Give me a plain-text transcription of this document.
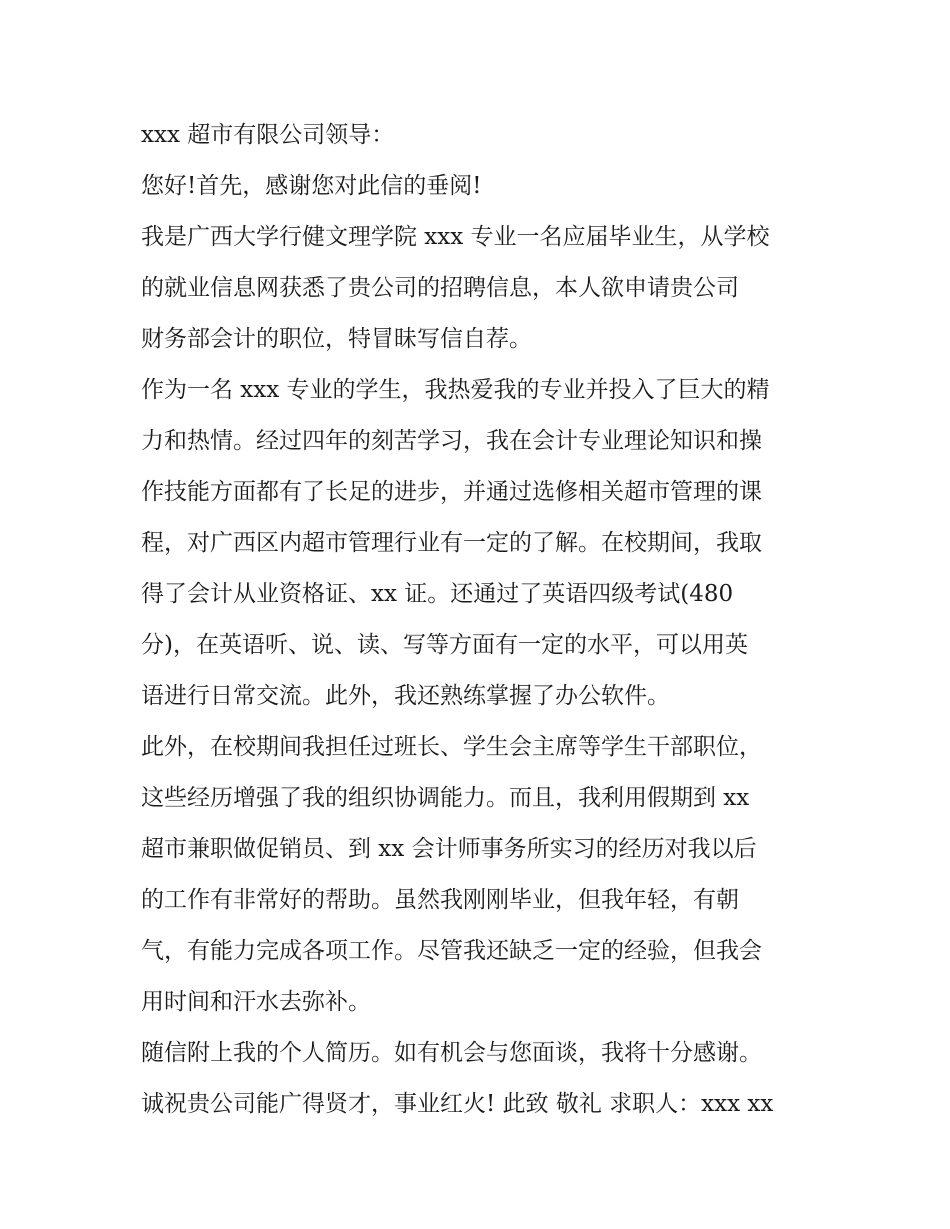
xxx 超市有限公司领导：
您好!首先，感谢您对此信的垂阅!
我是广西大学行健文理学院 xxx 专业一名应届毕业生，从学校
的就业信息网获悉了贵公司的招聘信息，本人欲申请贵公司
财务部会计的职位，特冒昧写信自荐。
作为一名 xxx 专业的学生，我热爱我的专业并投入了巨大的精
力和热情。经过四年的刻苦学习，我在会计专业理论知识和操
作技能方面都有了长足的进步，并通过选修相关超市管理的课
程，对广西区内超市管理行业有一定的了解。在校期间，我取
得了会计从业资格证、xx 证。还通过了英语四级考试(480
分)，在英语听、说、读、写等方面有一定的水平，可以用英
语进行日常交流。此外，我还熟练掌握了办公软件。
此外，在校期间我担任过班长、学生会主席等学生干部职位，
这些经历增强了我的组织协调能力。而且，我利用假期到 xx
超市兼职做促销员、到 xx 会计师事务所实习的经历对我以后
的工作有非常好的帮助。虽然我刚刚毕业，但我年轻，有朝
气，有能力完成各项工作。尽管我还缺乏一定的经验，但我会
用时间和汗水去弥补。
随信附上我的个人简历。如有机会与您面谈，我将十分感谢。
诚祝贵公司能广得贤才，事业红火! 此致 敬礼 求职人：xxx xx
